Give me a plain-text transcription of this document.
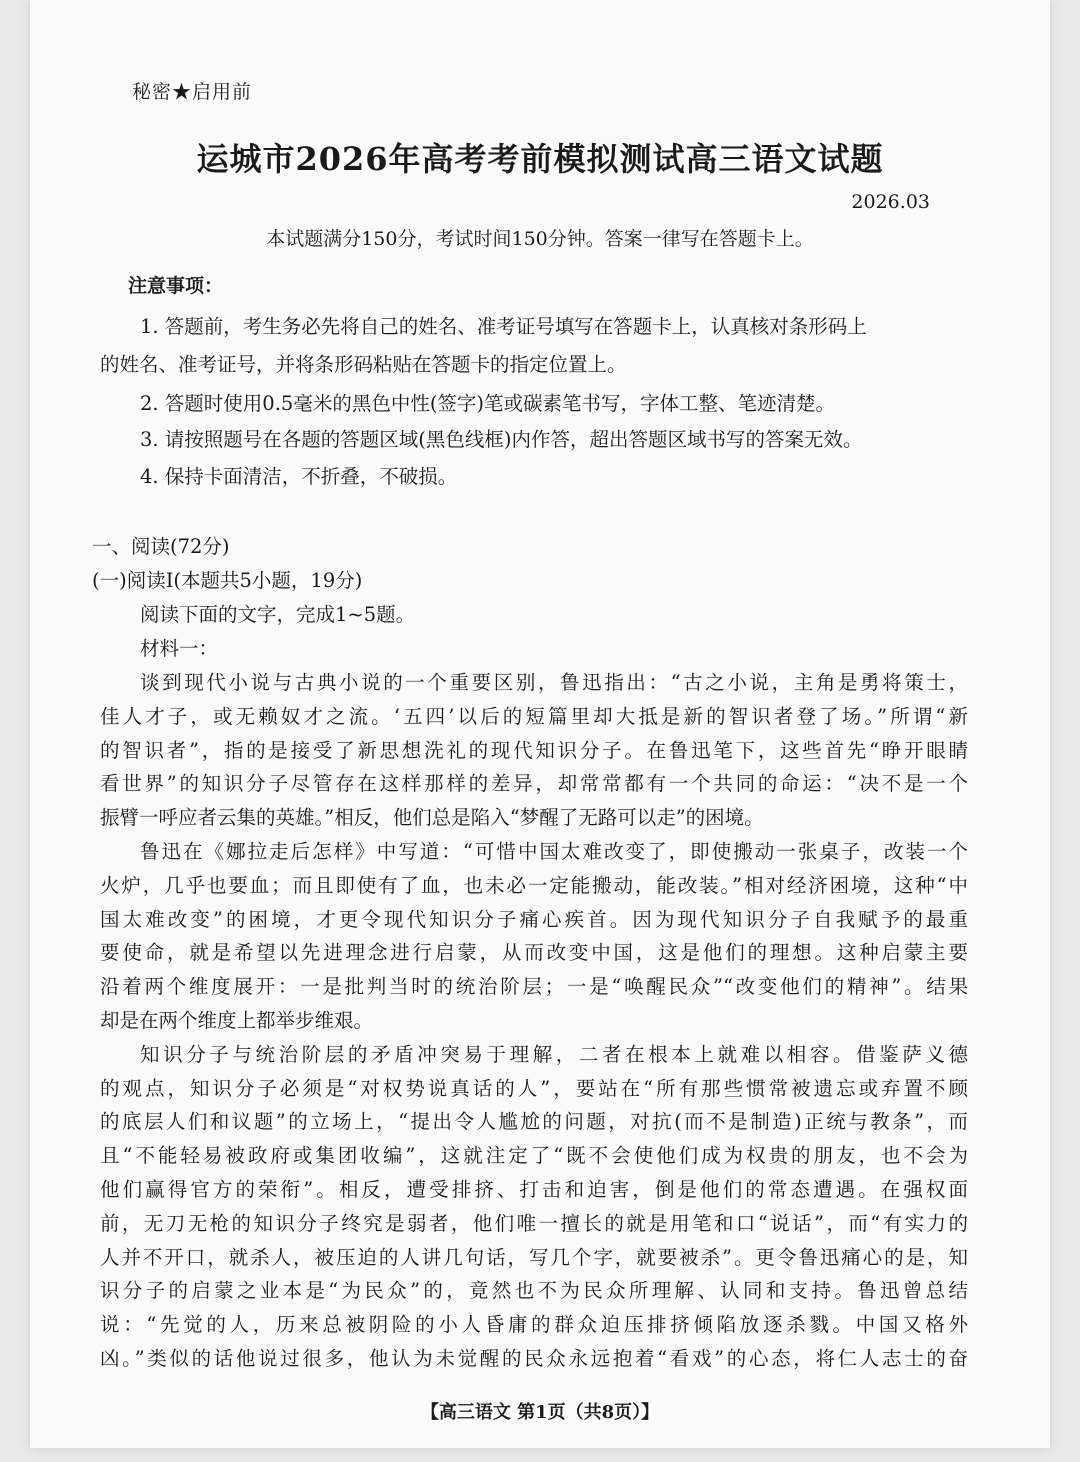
秘密★启用前
运城市2026年高考考前模拟测试高三语文试题
2026.03
本试题满分150分，考试时间150分钟。答案一律写在答题卡上。
注意事项：
1. 答题前，考生务必先将自己的姓名、准考证号填写在答题卡上，认真核对条形码上
的姓名、准考证号，并将条形码粘贴在答题卡的指定位置上。
2. 答题时使用0.5毫米的黑色中性(签字)笔或碳素笔书写，字体工整、笔迹清楚。
3. 请按照题号在各题的答题区域(黑色线框)内作答，超出答题区域书写的答案无效。
4. 保持卡面清洁，不折叠，不破损。
一、阅读(72分)
(一)阅读Ⅰ(本题共5小题，19分)
阅读下面的文字，完成1~5题。
材料一：
谈到现代小说与古典小说的一个重要区别，鲁迅指出：“古之小说，主角是勇将策士，
佳人才子，或无赖奴才之流。‘五四’以后的短篇里却大抵是新的智识者登了场。”所谓“新
的智识者”，指的是接受了新思想洗礼的现代知识分子。在鲁迅笔下，这些首先“睁开眼睛
看世界”的知识分子尽管存在这样那样的差异，却常常都有一个共同的命运：“决不是一个
振臂一呼应者云集的英雄。”相反，他们总是陷入“梦醒了无路可以走”的困境。
鲁迅在《娜拉走后怎样》中写道：“可惜中国太难改变了，即使搬动一张桌子，改装一个
火炉，几乎也要血；而且即使有了血，也未必一定能搬动，能改装。”相对经济困境，这种“中
国太难改变”的困境，才更令现代知识分子痛心疾首。因为现代知识分子自我赋予的最重
要使命，就是希望以先进理念进行启蒙，从而改变中国，这是他们的理想。这种启蒙主要
沿着两个维度展开：一是批判当时的统治阶层；一是“唤醒民众”“改变他们的精神”。结果
却是在两个维度上都举步维艰。
知识分子与统治阶层的矛盾冲突易于理解，二者在根本上就难以相容。借鉴萨义德
的观点，知识分子必须是“对权势说真话的人”，要站在“所有那些惯常被遗忘或弃置不顾
的底层人们和议题”的立场上，“提出令人尴尬的问题，对抗(而不是制造)正统与教条”，而
且“不能轻易被政府或集团收编”，这就注定了“既不会使他们成为权贵的朋友，也不会为
他们赢得官方的荣衔”。相反，遭受排挤、打击和迫害，倒是他们的常态遭遇。在强权面
前，无刀无枪的知识分子终究是弱者，他们唯一擅长的就是用笔和口“说话”，而“有实力的
人并不开口，就杀人，被压迫的人讲几句话，写几个字，就要被杀”。更令鲁迅痛心的是，知
识分子的启蒙之业本是“为民众”的，竟然也不为民众所理解、认同和支持。鲁迅曾总结
说：“先觉的人，历来总被阴险的小人昏庸的群众迫压排挤倾陷放逐杀戮。中国又格外
凶。”类似的话他说过很多，他认为未觉醒的民众永远抱着“看戏”的心态，将仁人志士的奋
【高三语文 第1页（共8页）】
